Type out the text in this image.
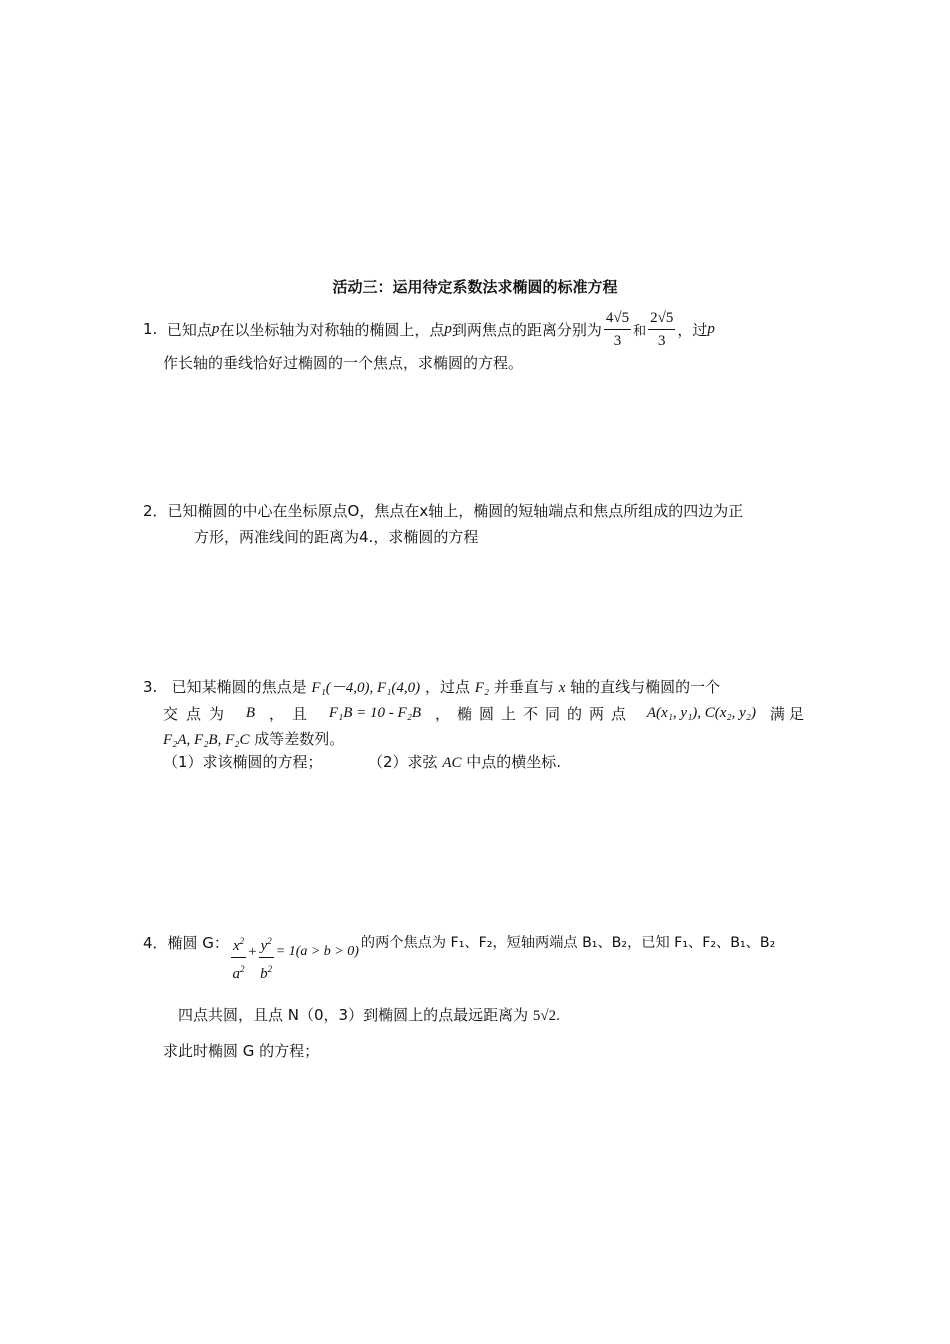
活动三：运用待定系数法求椭圆的标准方程
1.
已知点 p 在以坐标轴为对称轴的椭圆上，点 p 到两焦点的距离分别为 $\frac{4√5}{3}$ 和 $\frac{2√5}{3}$ ，过 p
作长轴的垂线恰好过椭圆的一个焦点，求椭圆的方程。
2．已知椭圆的中心在坐标原点O，焦点在x轴上，椭圆的短轴端点和焦点所组成的四边为正
方形，两准线间的距离为4.，求椭圆的方程
3. 已知某椭圆的焦点是 F₁(－4,0), F₁(4,0) ，过点 F₂ 并垂直与 x 轴的直线与椭圆的一个
交点为 B ，且 F₁B = 10 - F₂B ，椭圆上不同的两点 A(x₁, y₁), C(x₂, y₂) 满足
F₂A, F₂B, F₂C 成等差数列。
（1）求该椭圆的方程；	（2）求弦 AC 中点的横坐标.
4．椭圆 G： $\frac{x^2}{a^2} + \frac{y^2}{b^2} = 1(a > b > 0)$
的两个焦点为 F₁、F₂，短轴两端点 B₁、B₂，已知 F₁、F₂、B₁、B₂
四点共圆，且点 N（0，3）到椭圆上的点最远距离为 5√2.
求此时椭圆 G 的方程；
